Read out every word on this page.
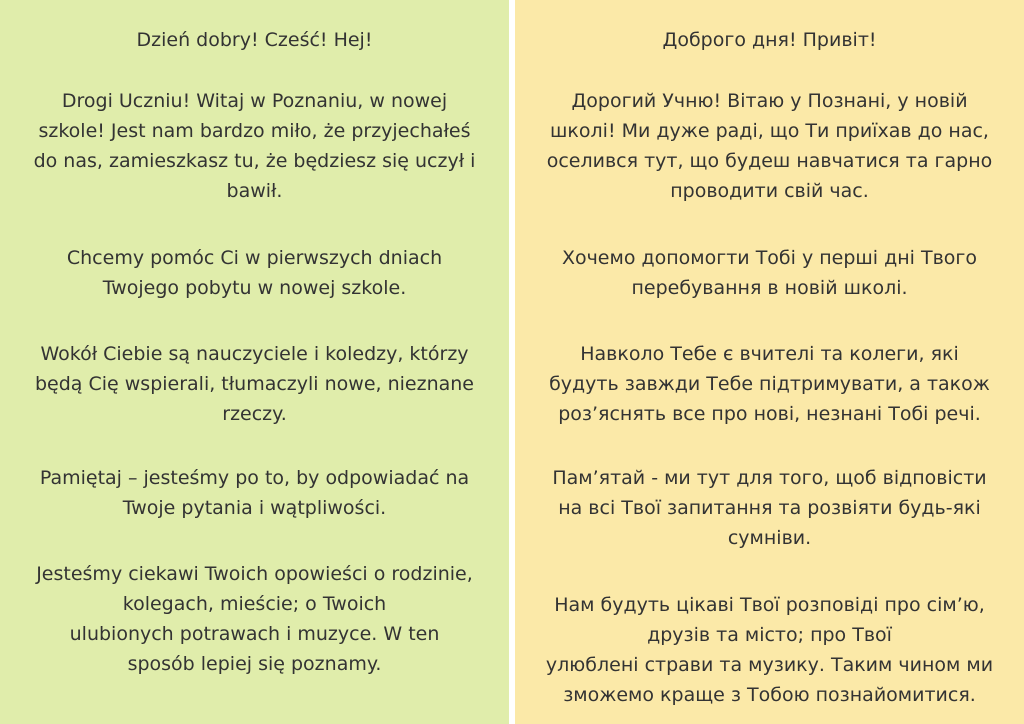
Dzień dobry! Cześć! Hej!
Drogi Uczniu! Witaj w Poznaniu, w nowej
szkole! Jest nam bardzo miło, że przyjechałeś
do nas, zamieszkasz tu, że będziesz się uczył i
bawił.
Chcemy pomóc Ci w pierwszych dniach
Twojego pobytu w nowej szkole.
Wokół Ciebie są nauczyciele i koledzy, którzy
będą Cię wspierali, tłumaczyli nowe, nieznane
rzeczy.
Pamiętaj – jesteśmy po to, by odpowiadać na
Twoje pytania i wątpliwości.
Jesteśmy ciekawi Twoich opowieści o rodzinie,
kolegach, mieście; o Twoich
ulubionych potrawach i muzyce. W ten
sposób lepiej się poznamy.
Доброго дня! Привіт!
Дорогий Учню! Вітаю у Познані, у новій
школі! Ми дуже раді, що Ти приїхав до нас,
оселився тут, що будеш навчатися та гарно
проводити свій час.
Хочемо допомогти Тобі у перші дні Твого
перебування в новій школі.
Навколо Тебе є вчителі та колеги, які
будуть завжди Тебе підтримувати, а також
роз’яснять все про нові, незнані Тобі речі.
Пам’ятай - ми тут для того, щоб відповісти
на всі Твої запитання та розвіяти будь-які
сумніви.
Нам будуть цікаві Твої розповіді про сім’ю,
друзів та місто; про Твої
улюблені страви та музику. Таким чином ми
зможемо краще з Тобою познайомитися.
